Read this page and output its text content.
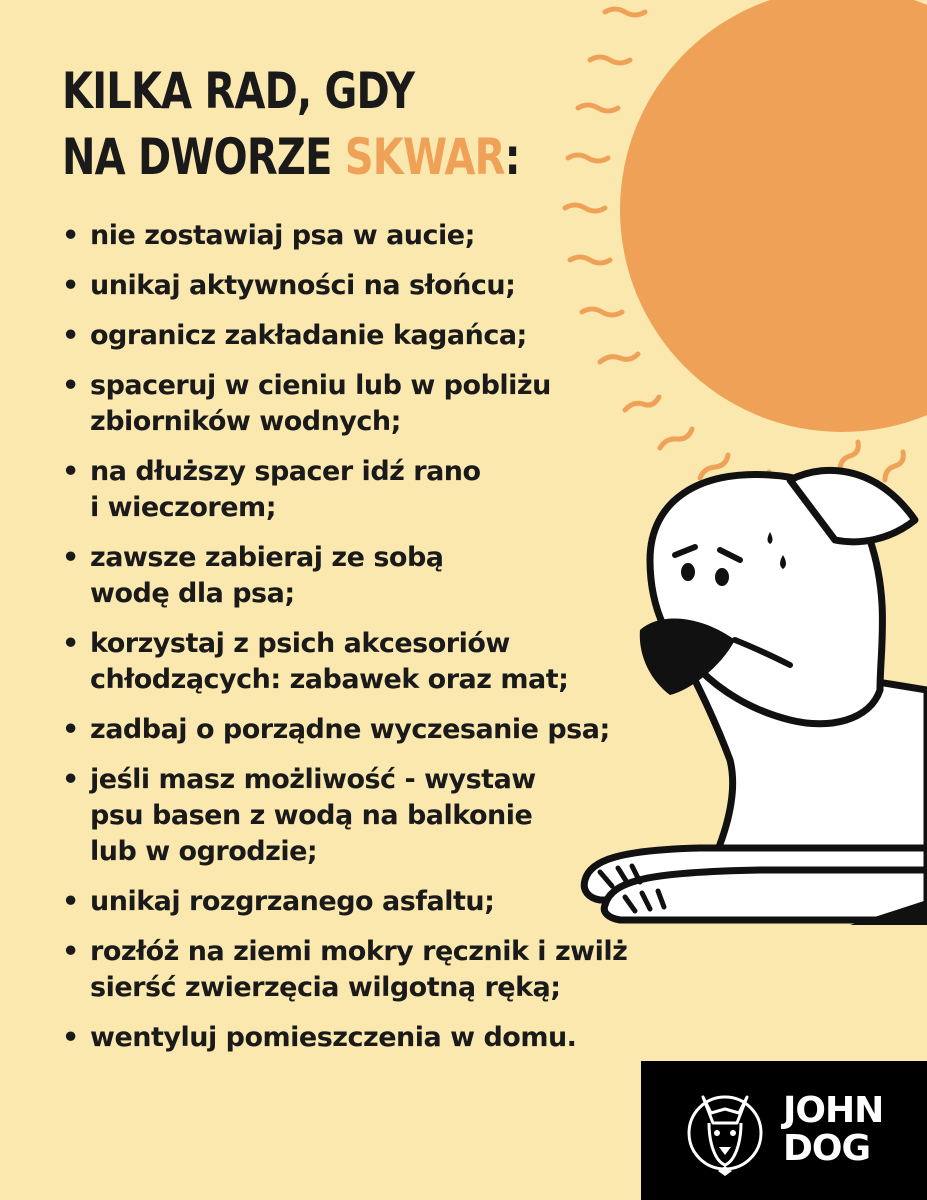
KILKA RAD, GDY
NA DWORZE SKWAR:
• nie zostawiaj psa w aucie;
• unikaj aktywności na słońcu;
• ogranicz zakładanie kagańca;
• spaceruj w cieniu lub w pobliżu
zbiorników wodnych;
• na dłuższy spacer idź rano
i wieczorem;
• zawsze zabieraj ze sobą
wodę dla psa;
• korzystaj z psich akcesoriów
chłodzących: zabawek oraz mat;
• zadbaj o porządne wyczesanie psa;
• jeśli masz możliwość - wystaw
psu basen z wodą na balkonie
lub w ogrodzie;
• unikaj rozgrzanego asfaltu;
• rozłóż na ziemi mokry ręcznik i zwilż
sierść zwierzęcia wilgotną ręką;
• wentyluj pomieszczenia w domu.
JOHN
DOG
